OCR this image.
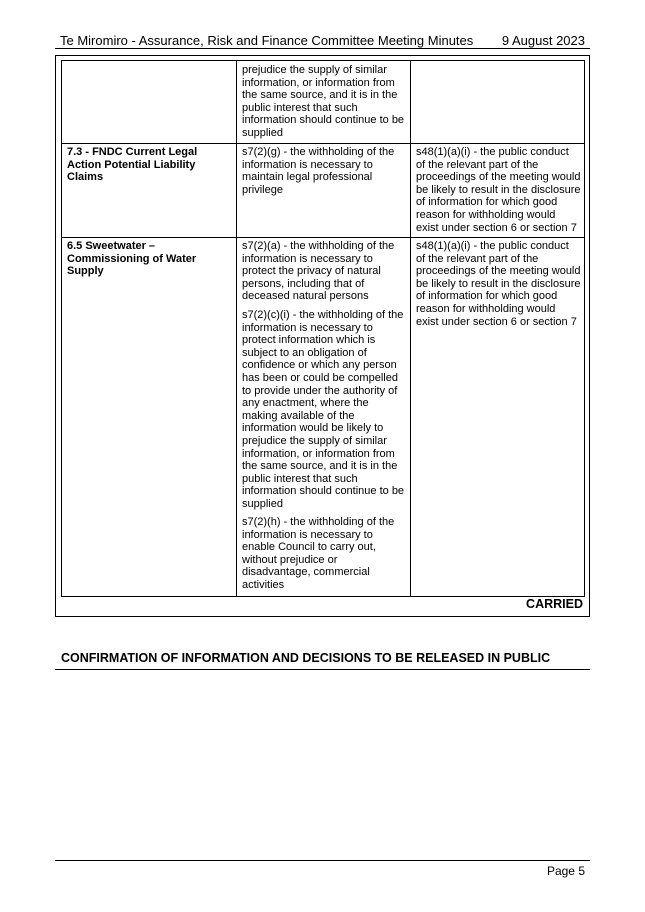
Te Miromiro - Assurance, Risk and Finance Committee Meeting Minutes 9 August 2023

prejudice the supply of similar
information, or information from
the same source, and it is in the
public interest that such
information should continue to be
supplied

7.3 - FNDC Current Legal
Action Potential Liability
Claims

s7(2)(g) - the withholding of the
information is necessary to
maintain legal professional
privilege

s48(1)(a)(i) - the public conduct
of the relevant part of the
proceedings of the meeting would
be likely to result in the disclosure
of information for which good
reason for withholding would
exist under section 6 or section 7

6.5 Sweetwater –
Commissioning of Water
Supply

s7(2)(a) - the withholding of the
information is necessary to
protect the privacy of natural
persons, including that of
deceased natural persons

s7(2)(c)(i) - the withholding of the
information is necessary to
protect information which is
subject to an obligation of
confidence or which any person
has been or could be compelled
to provide under the authority of
any enactment, where the
making available of the
information would be likely to
prejudice the supply of similar
information, or information from
the same source, and it is in the
public interest that such
information should continue to be
supplied

s7(2)(h) - the withholding of the
information is necessary to
enable Council to carry out,
without prejudice or
disadvantage, commercial
activities

s48(1)(a)(i) - the public conduct
of the relevant part of the
proceedings of the meeting would
be likely to result in the disclosure
of information for which good
reason for withholding would
exist under section 6 or section 7

CARRIED
CONFIRMATION OF INFORMATION AND DECISIONS TO BE RELEASED IN PUBLIC
Page 5
